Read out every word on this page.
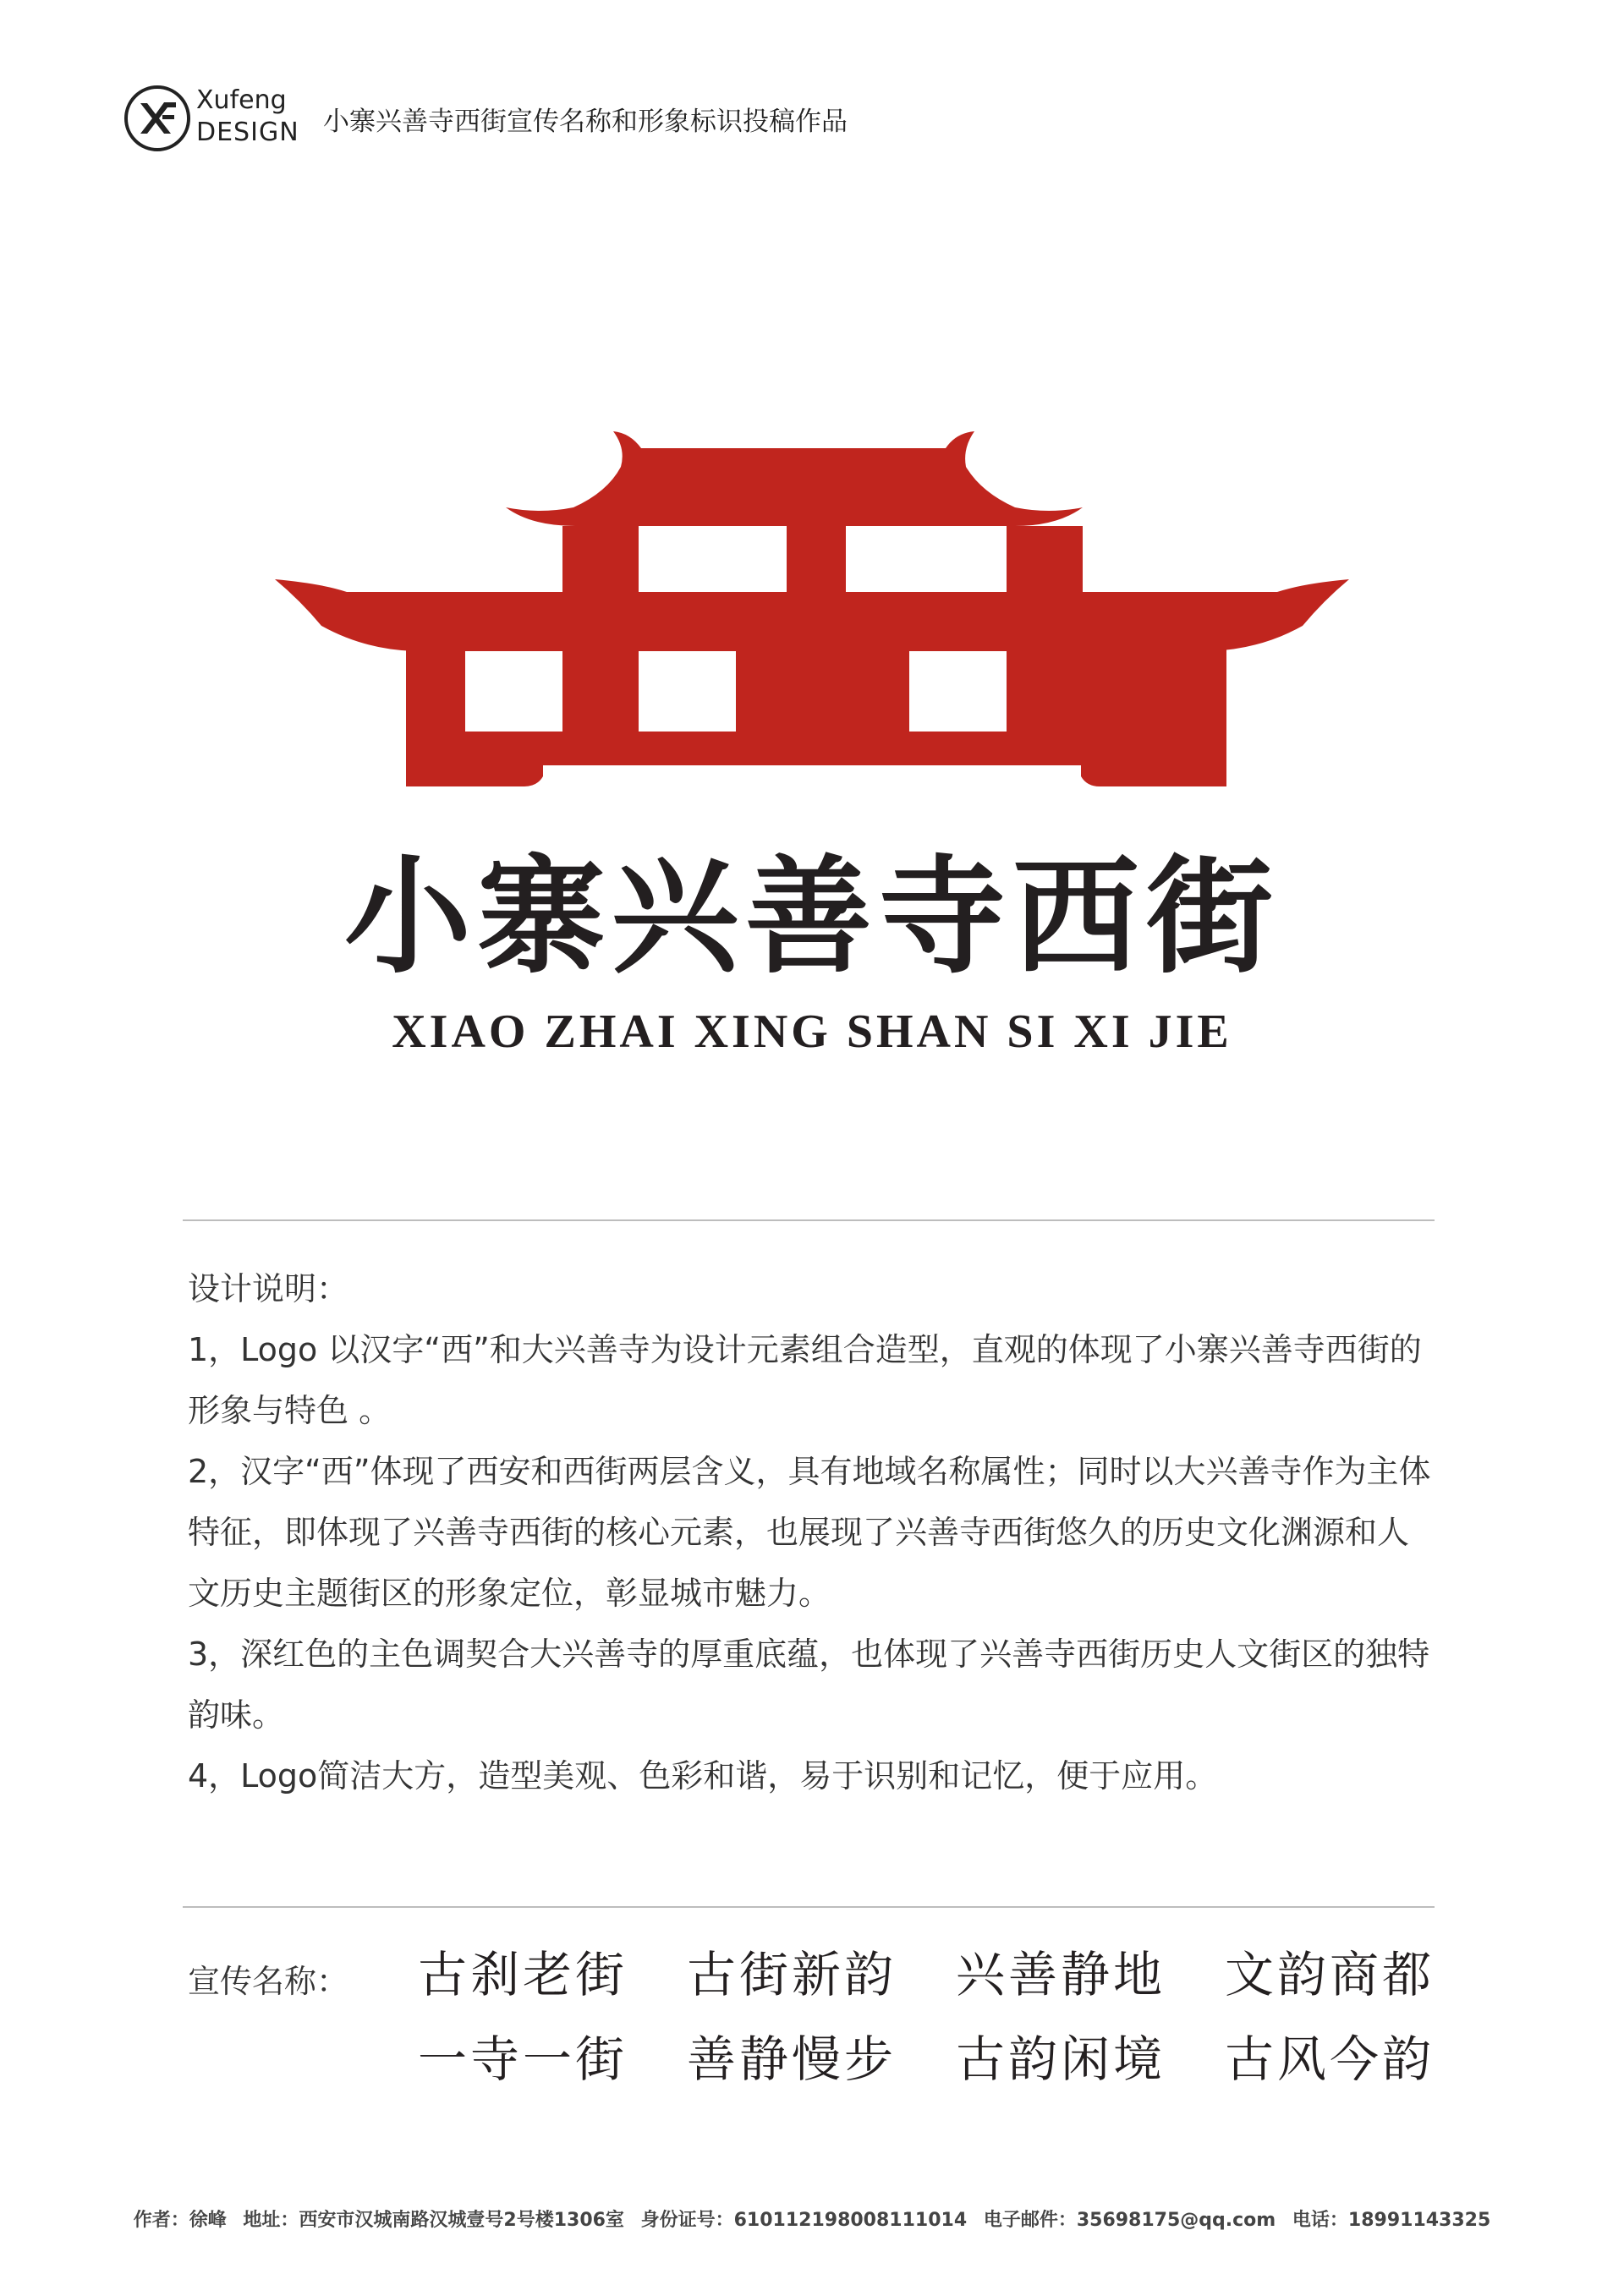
Xufeng
DESIGN 小寨兴善寺西街宣传名称和形象标识投稿作品
小寨兴善寺西街
XIAO ZHAI XING SHAN SI XI JIE

设计说明：

1，Logo 以汉字“西”和大兴善寺为设计元素组合造型，直观的体现了小寨兴善寺西街的形象与特色 。

2，汉字“西”体现了西安和西街两层含义，具有地域名称属性；同时以大兴善寺作为主体特征，即体现了兴善寺西街的核心元素，也展现了兴善寺西街悠久的历史文化渊源和人文历史主题街区的形象定位，彰显城市魅力。

3，深红色的主色调契合大兴善寺的厚重底蕴，也体现了兴善寺西街历史人文街区的独特韵味。

4，Logo简洁大方，造型美观、色彩和谐，易于识别和记忆，便于应用。

宣传名称： 古刹老街	古街新韵	兴善静地	文韵商都
一寺一街	善静慢步	古韵闲境	古风今韵
作者：徐峰 地址：西安市汉城南路汉城壹号2号楼1306室 身份证号：610112198008111014 电子邮件：35698175@qq.com 电话：18991143325
